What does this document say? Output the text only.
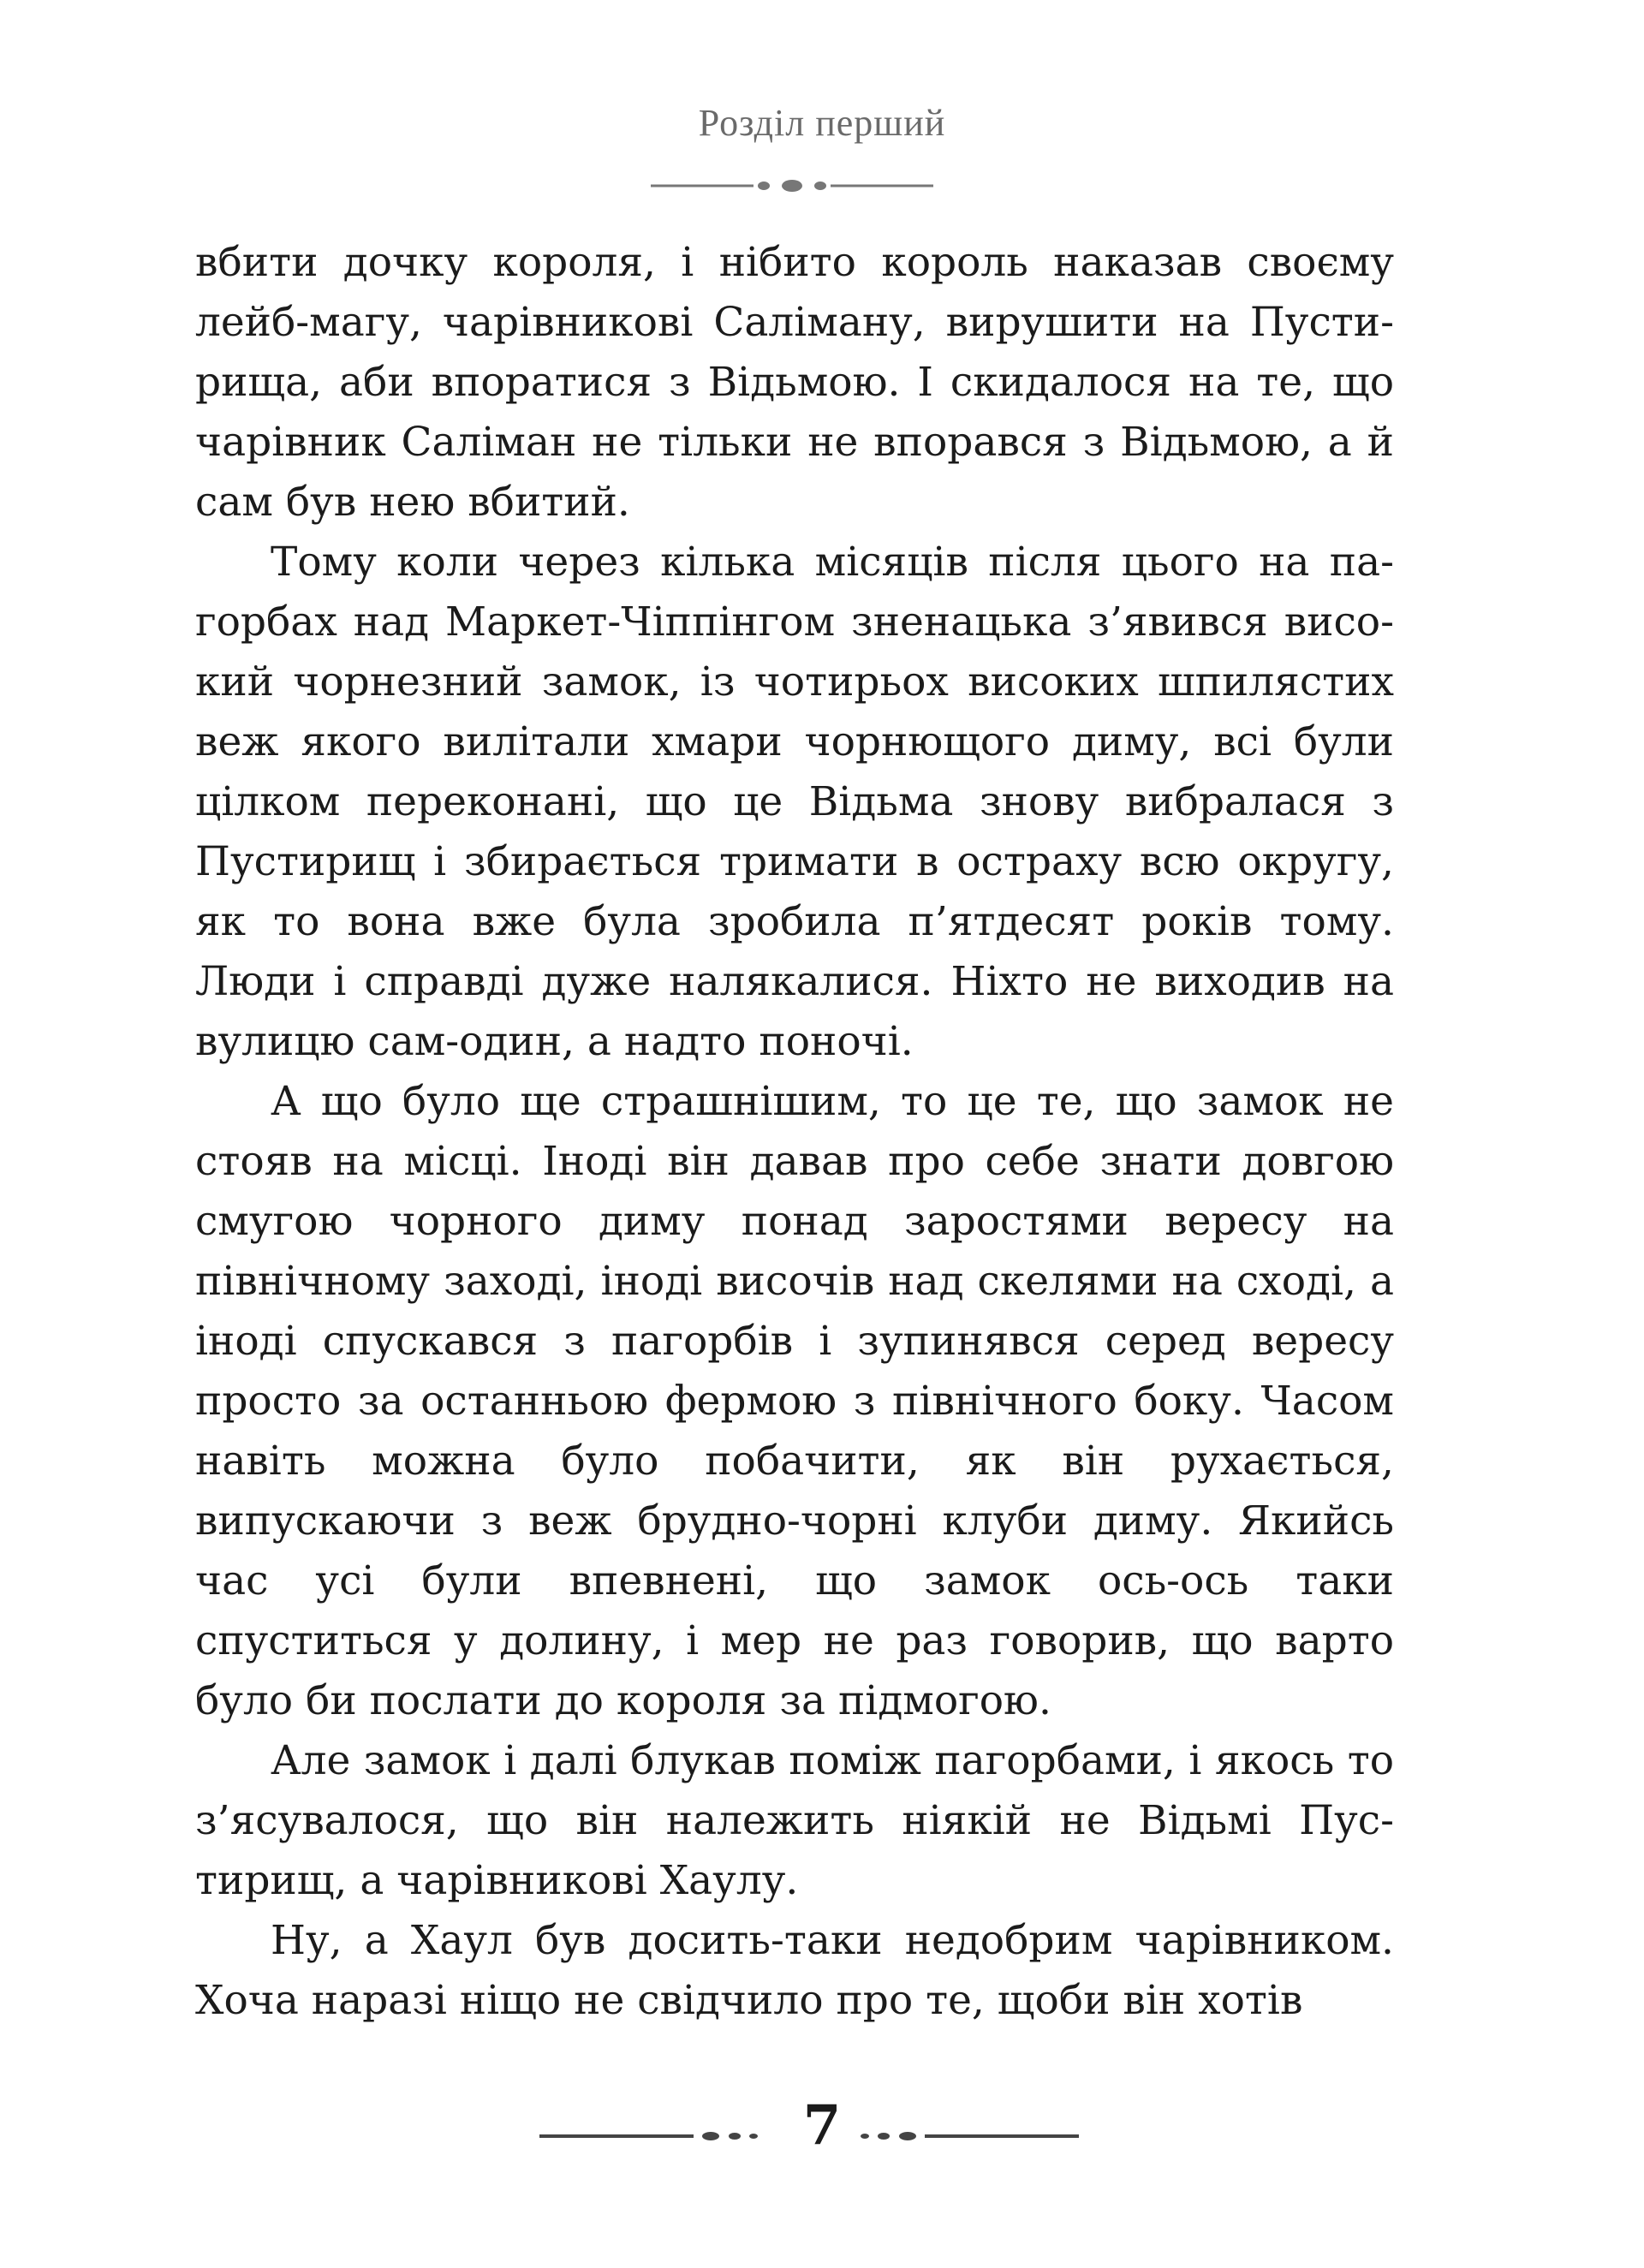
Розділ перший

вбити дочку короля, і нібито король наказав своєму лейб-магу, чарівникові Саліману, вирушити на Пустирища, аби впоратися з Відьмою. І скидалося на те, що чарівник Саліман не тільки не впорався з Відьмою, а й сам був нею вбитий.

Тому коли через кілька місяців після цього на пагорбах над Маркет-Чіппінгом зненацька з’явився високий чорнезний замок, із чотирьох високих шпилястих веж якого вилітали хмари чорнющого диму, всі були цілком переконані, що це Відьма знову вибралася з Пустирищ і збирається тримати в остраху всю округу, як то вона вже була зробила п’ятдесят років тому. Люди і справді дуже налякалися. Ніхто не виходив на вулицю сам-один, а надто поночі.

А що було ще страшнішим, то це те, що замок не стояв на місці. Іноді він давав про себе знати довгою смугою чорного диму понад заростями вересу на північному заході, іноді височів над скелями на сході, а іноді спускався з пагорбів і зупинявся серед вересу просто за останньою фермою з північного боку. Часом навіть можна було побачити, як він рухається, випускаючи з веж брудно-чорні клуби диму. Якийсь час усі були впевнені, що замок ось-ось таки спуститься у долину, і мер не раз говорив, що варто було би послати до короля за підмогою.

Але замок і далі блукав поміж пагорбами, і якось то з’ясувалося, що він належить ніякій не Відьмі Пустирищ, а чарівникові Хаулу.

Ну, а Хаул був досить-таки недобрим чарівником. Хоча наразі ніщо не свідчило про те, щоби він хотів

7
